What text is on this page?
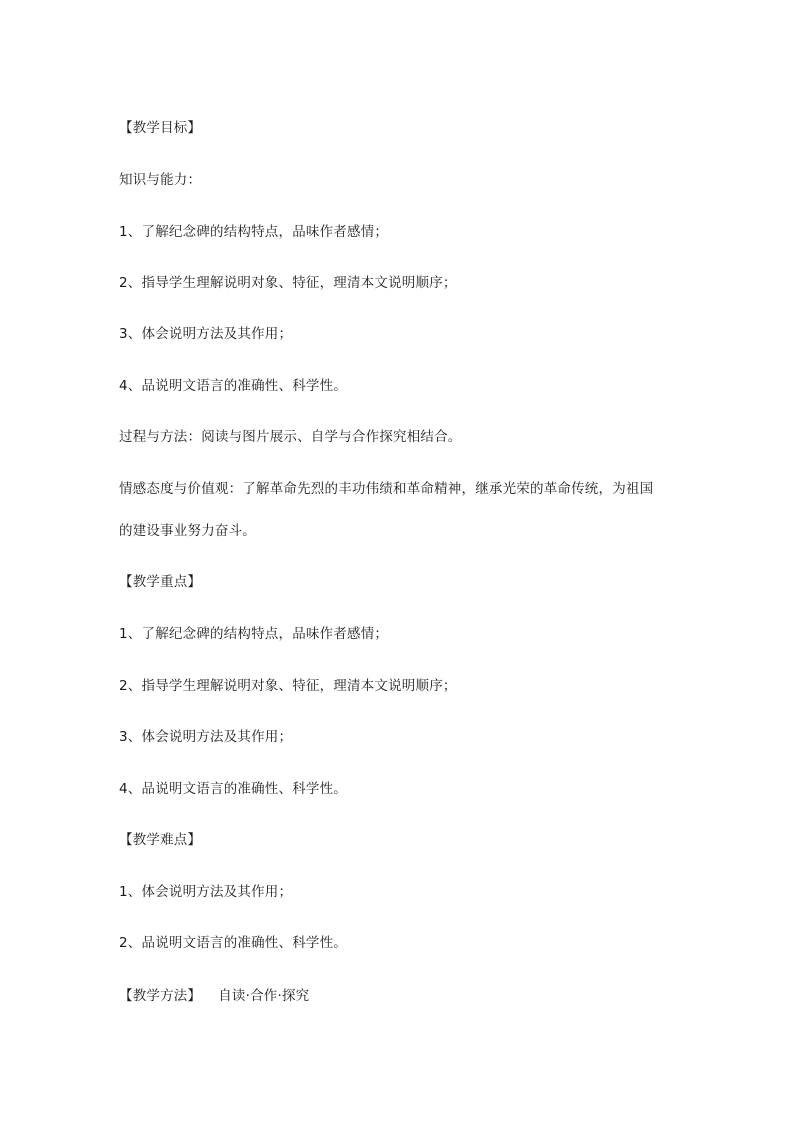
【教学目标】
知识与能力：
1、了解纪念碑的结构特点，品味作者感情；
2、指导学生理解说明对象、特征，理清本文说明顺序；
3、体会说明方法及其作用；
4、品说明文语言的准确性、科学性。
过程与方法：阅读与图片展示、自学与合作探究相结合。
情感态度与价值观：了解革命先烈的丰功伟绩和革命精神，继承光荣的革命传统，为祖国
的建设事业努力奋斗。
【教学重点】
1、了解纪念碑的结构特点，品味作者感情；
2、指导学生理解说明对象、特征，理清本文说明顺序；
3、体会说明方法及其作用；
4、品说明文语言的准确性、科学性。
【教学难点】
1、体会说明方法及其作用；
2、品说明文语言的准确性、科学性。
【教学方法】 自读·合作·探究
